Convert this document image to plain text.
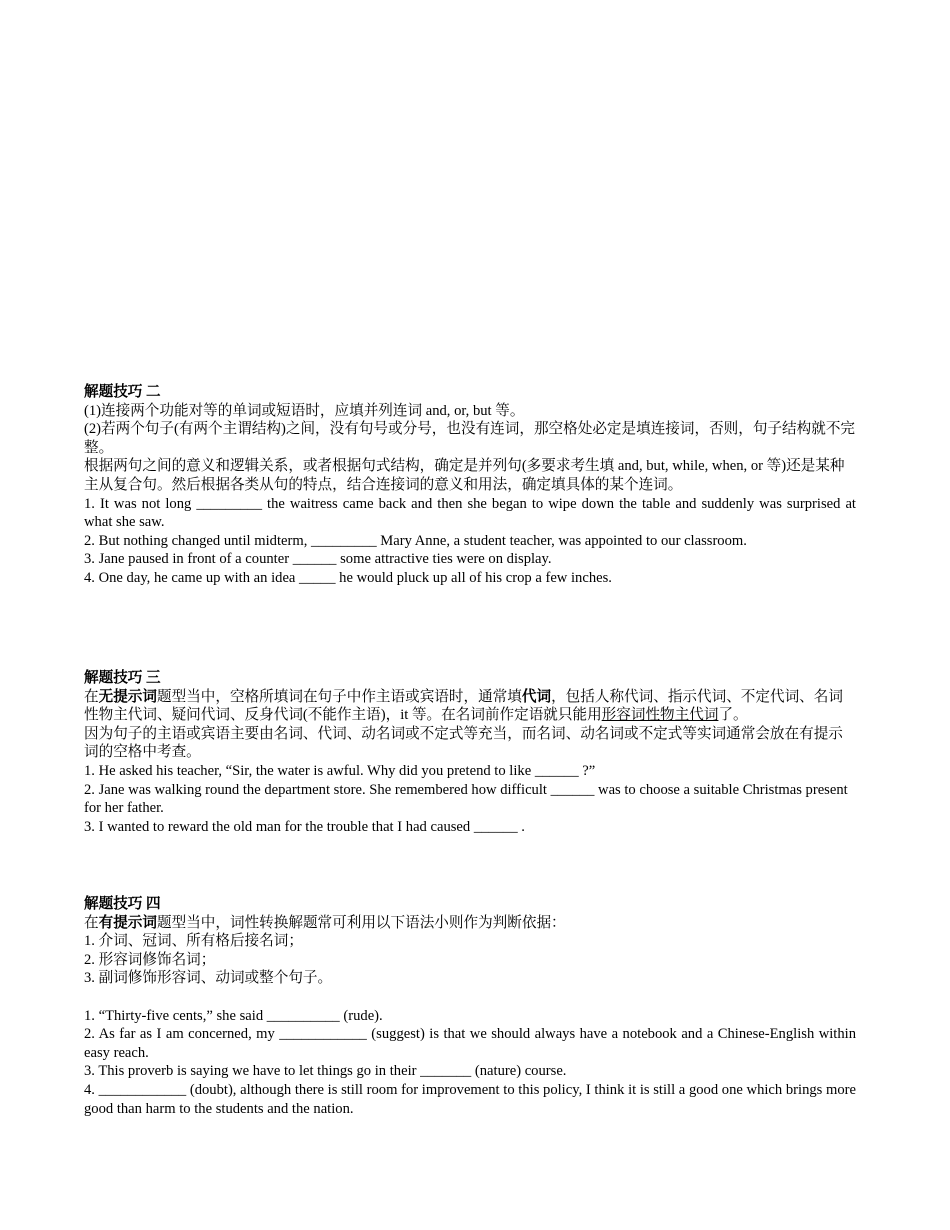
解题技巧 二
(1)连接两个功能对等的单词或短语时，应填并列连词 and, or, but 等。
(2)若两个句子(有两个主谓结构)之间，没有句号或分号，也没有连词，那空格处必定是填连接词，否则，句子结构就不完整。
根据两句之间的意义和逻辑关系，或者根据句式结构，确定是并列句(多要求考生填 and, but, while, when, or 等)还是某种主从复合句。然后根据各类从句的特点，结合连接词的意义和用法，确定填具体的某个连词。
1. It was not long _________ the waitress came back and then she began to wipe down the table and suddenly was surprised at what she saw.
2. But nothing changed until midterm, _________ Mary Anne, a student teacher, was appointed to our classroom.
3. Jane paused in front of a counter ______ some attractive ties were on display.
4. One day, he came up with an idea _____ he would pluck up all of his crop a few inches.
解题技巧 三
在无提示词题型当中，空格所填词在句子中作主语或宾语时，通常填代词，包括人称代词、指示代词、不定代词、名词性物主代词、疑问代词、反身代词(不能作主语)，it 等。在名词前作定语就只能用形容词性物主代词了。
因为句子的主语或宾语主要由名词、代词、动名词或不定式等充当，而名词、动名词或不定式等实词通常会放在有提示词的空格中考查。
1. He asked his teacher, “Sir, the water is awful. Why did you pretend to like ______ ?”
2. Jane was walking round the department store. She remembered how difficult ______ was to choose a suitable Christmas present for her father.
3. I wanted to reward the old man for the trouble that I had caused ______ .
解题技巧 四
在有提示词题型当中，词性转换解题常可利用以下语法小则作为判断依据：
1. 介词、冠词、所有格后接名词；
2. 形容词修饰名词；
3. 副词修饰形容词、动词或整个句子。
1. “Thirty-five cents,” she said __________ (rude).
2. As far as I am concerned, my ____________ (suggest) is that we should always have a notebook and a Chinese-English within easy reach.
3. This proverb is saying we have to let things go in their _______ (nature) course.
4. ____________ (doubt), although there is still room for improvement to this policy, I think it is still a good one which brings more good than harm to the students and the nation.
